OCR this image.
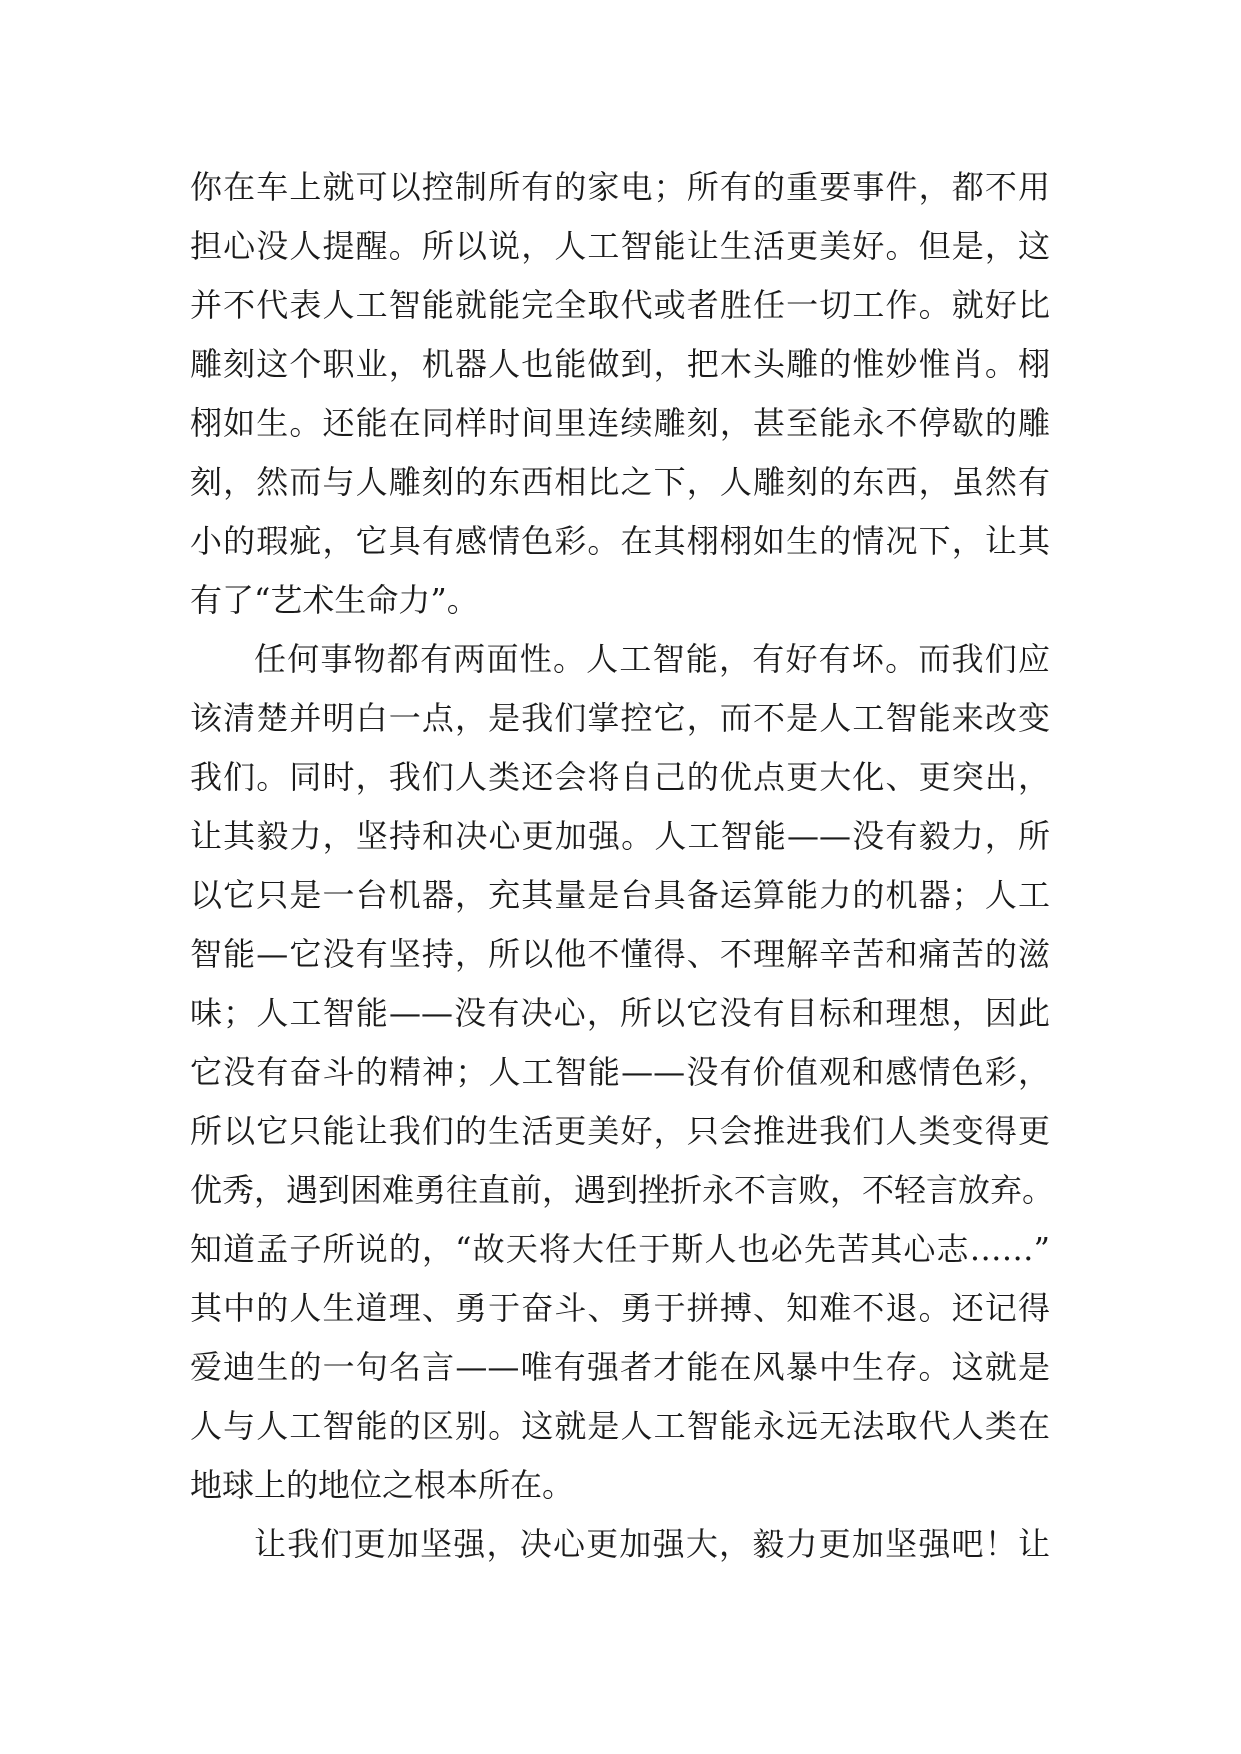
你在车上就可以控制所有的家电；所有的重要事件，都不用
担心没人提醒。所以说，人工智能让生活更美好。但是，这
并不代表人工智能就能完全取代或者胜任一切工作。就好比
雕刻这个职业，机器人也能做到，把木头雕的惟妙惟肖。栩
栩如生。还能在同样时间里连续雕刻，甚至能永不停歇的雕
刻，然而与人雕刻的东西相比之下，人雕刻的东西，虽然有
小的瑕疵，它具有感情色彩。在其栩栩如生的情况下，让其
有了“艺术生命力”。
任何事物都有两面性。人工智能，有好有坏。而我们应
该清楚并明白一点，是我们掌控它，而不是人工智能来改变
我们。同时，我们人类还会将自己的优点更大化、更突出，
让其毅力，坚持和决心更加强。人工智能——没有毅力，所
以它只是一台机器，充其量是台具备运算能力的机器；人工
智能—它没有坚持，所以他不懂得、不理解辛苦和痛苦的滋
味；人工智能——没有决心，所以它没有目标和理想，因此
它没有奋斗的精神；人工智能——没有价值观和感情色彩，
所以它只能让我们的生活更美好，只会推进我们人类变得更
优秀，遇到困难勇往直前，遇到挫折永不言败，不轻言放弃。
知道孟子所说的，“故天将大任于斯人也必先苦其心志……”
其中的人生道理、勇于奋斗、勇于拼搏、知难不退。还记得
爱迪生的一句名言——唯有强者才能在风暴中生存。这就是
人与人工智能的区别。这就是人工智能永远无法取代人类在
地球上的地位之根本所在。
让我们更加坚强，决心更加强大，毅力更加坚强吧！让
